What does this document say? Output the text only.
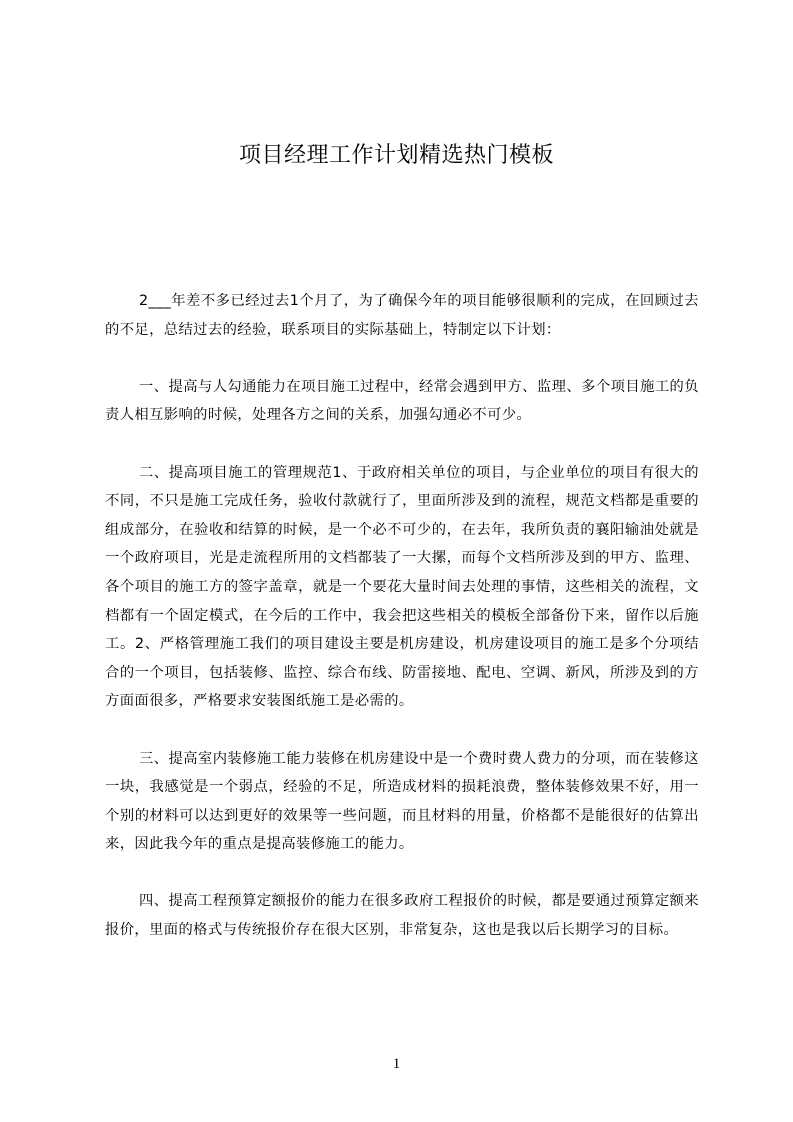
项目经理工作计划精选热门模板

2___年差不多已经过去1个月了，为了确保今年的项目能够很顺利的完成，在回顾过去的不足，总结过去的经验，联系项目的实际基础上，特制定以下计划：

一、提高与人勾通能力在项目施工过程中，经常会遇到甲方、监理、多个项目施工的负责人相互影响的时候，处理各方之间的关系，加强勾通必不可少。

二、提高项目施工的管理规范1、于政府相关单位的项目，与企业单位的项目有很大的不同，不只是施工完成任务，验收付款就行了，里面所涉及到的流程，规范文档都是重要的组成部分，在验收和结算的时候，是一个必不可少的，在去年，我所负责的襄阳输油处就是一个政府项目，光是走流程所用的文档都装了一大摞，而每个文档所涉及到的甲方、监理、各个项目的施工方的签字盖章，就是一个要花大量时间去处理的事情，这些相关的流程，文档都有一个固定模式，在今后的工作中，我会把这些相关的模板全部备份下来，留作以后施工。2、严格管理施工我们的项目建设主要是机房建设，机房建设项目的施工是多个分项结合的一个项目，包括装修、监控、综合布线、防雷接地、配电、空调、新风，所涉及到的方方面面很多，严格要求安装图纸施工是必需的。

三、提高室内装修施工能力装修在机房建设中是一个费时费人费力的分项，而在装修这一块，我感觉是一个弱点，经验的不足，所造成材料的损耗浪费，整体装修效果不好，用一个别的材料可以达到更好的效果等一些问题，而且材料的用量，价格都不是能很好的估算出来，因此我今年的重点是提高装修施工的能力。

四、提高工程预算定额报价的能力在很多政府工程报价的时候，都是要通过预算定额来报价，里面的格式与传统报价存在很大区别，非常复杂，这也是我以后长期学习的目标。

1
